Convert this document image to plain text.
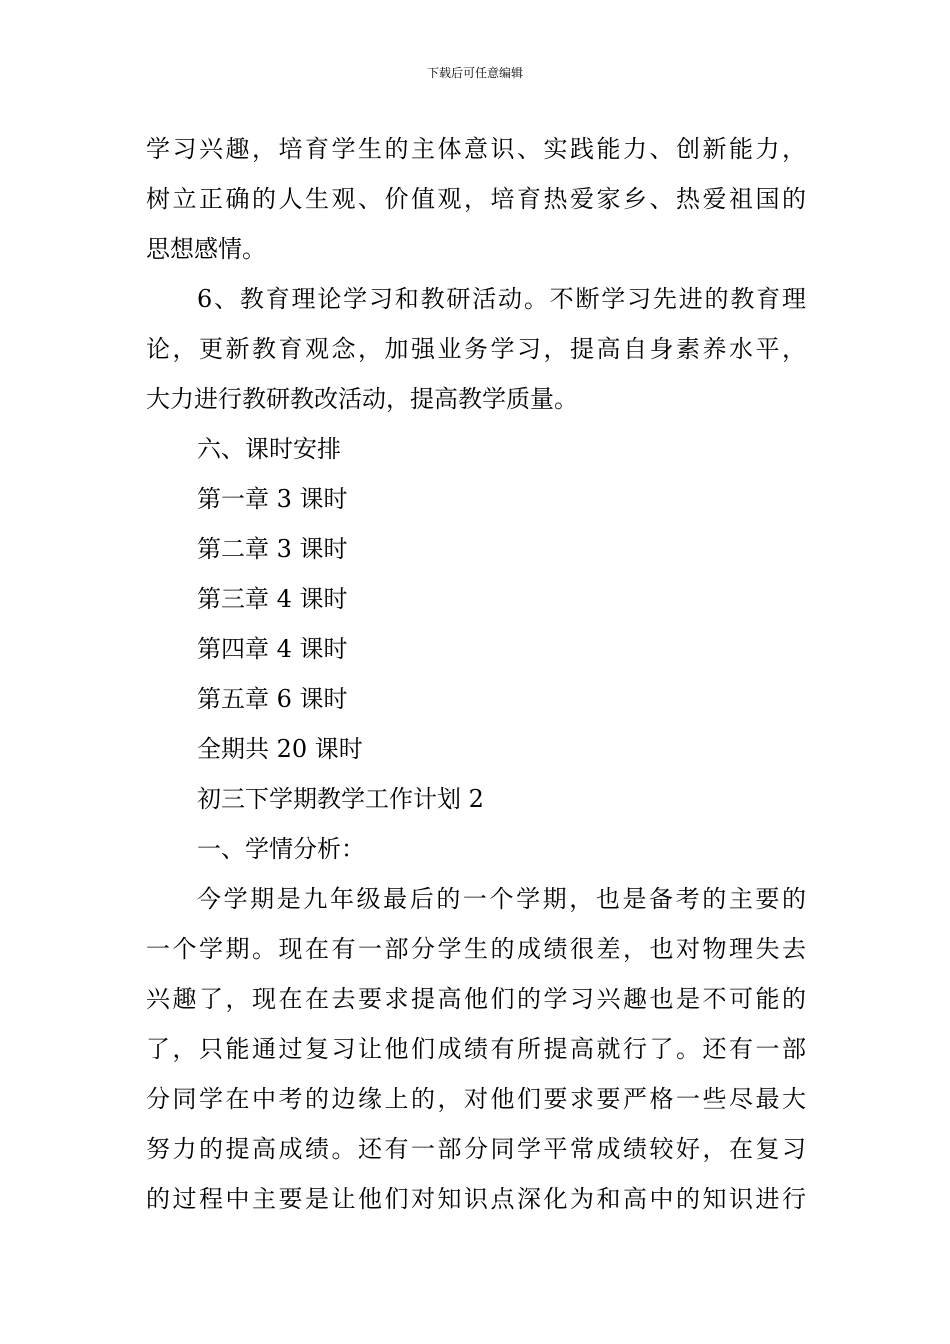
下载后可任意编辑
学习兴趣，培育学生的主体意识、实践能力、创新能力，
树立正确的人生观、价值观，培育热爱家乡、热爱祖国的
思想感情。
6、教育理论学习和教研活动。不断学习先进的教育理
论，更新教育观念，加强业务学习，提高自身素养水平，
大力进行教研教改活动，提高教学质量。
六、课时安排
第一章 3 课时
第二章 3 课时
第三章 4 课时
第四章 4 课时
第五章 6 课时
全期共 20 课时
初三下学期教学工作计划 2
一、学情分析：
今学期是九年级最后的一个学期，也是备考的主要的
一个学期。现在有一部分学生的成绩很差，也对物理失去
兴趣了，现在在去要求提高他们的学习兴趣也是不可能的
了，只能通过复习让他们成绩有所提高就行了。还有一部
分同学在中考的边缘上的，对他们要求要严格一些尽最大
努力的提高成绩。还有一部分同学平常成绩较好，在复习
的过程中主要是让他们对知识点深化为和高中的知识进行
